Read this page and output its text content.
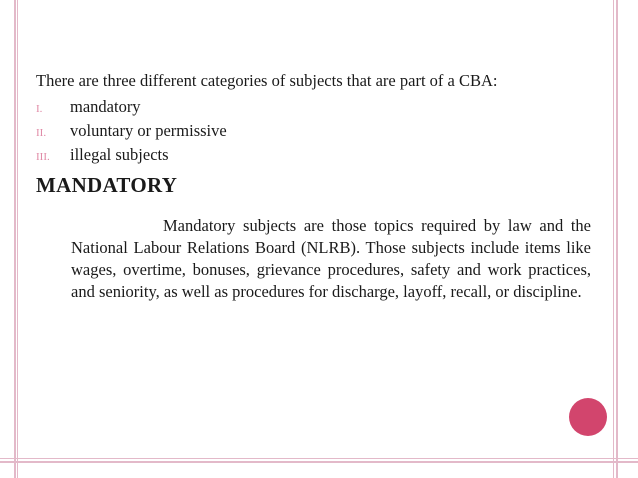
There are three different categories of subjects that are part of a CBA:

I.	mandatory
II.	voluntary or permissive
III.	illegal subjects
MANDATORY

Mandatory subjects are those topics required by law and the National Labour Relations Board (NLRB). Those subjects include items like wages, overtime, bonuses, grievance procedures, safety and work practices, and seniority, as well as procedures for discharge, layoff, recall, or discipline.
